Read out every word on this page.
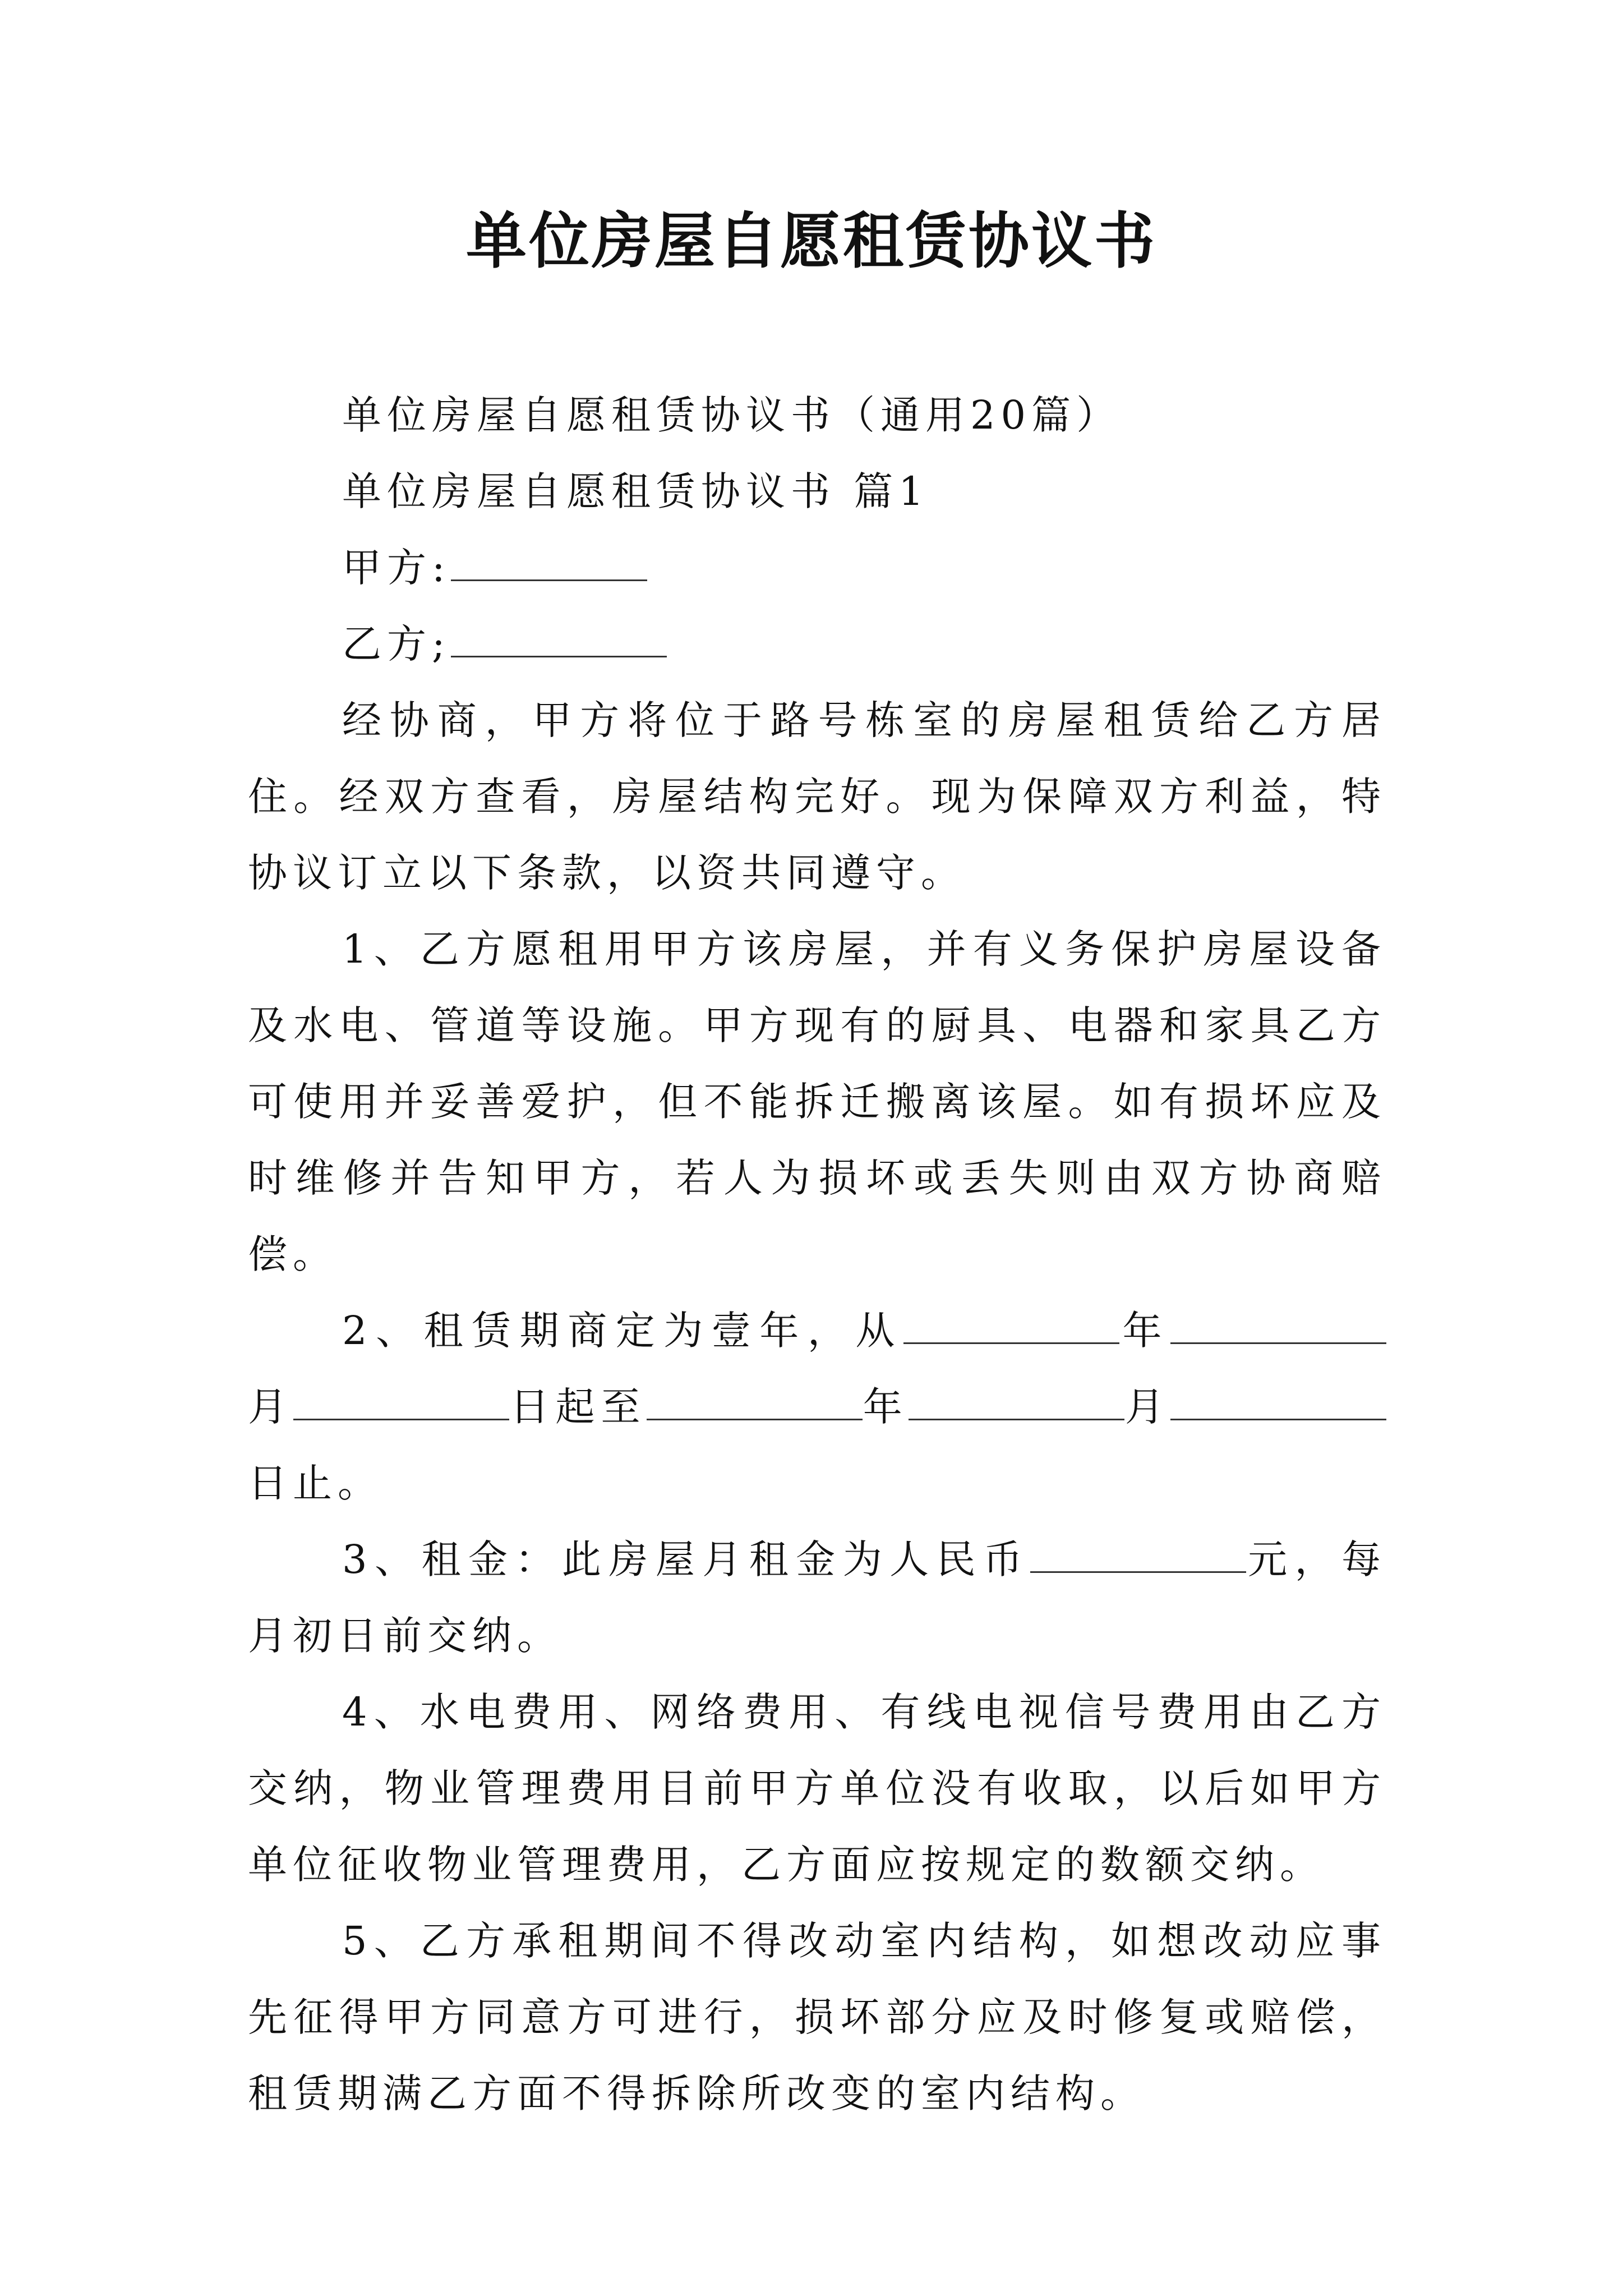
单位房屋自愿租赁协议书

单位房屋自愿租赁协议书（通用20篇）

单位房屋自愿租赁协议书 篇1

甲方:

乙方;

经协商，甲方将位于路号栋室的房屋租赁给乙方居住。经双方查看，房屋结构完好。现为保障双方利益，特协议订立以下条款，以资共同遵守。

1、乙方愿租用甲方该房屋，并有义务保护房屋设备及水电、管道等设施。甲方现有的厨具、电器和家具乙方可使用并妥善爱护，但不能拆迁搬离该屋。如有损坏应及时维修并告知甲方，若人为损坏或丢失则由双方协商赔偿。

2、租赁期商定为壹年，从	年月	日起至	年	月日止。

3、租金：此房屋月租金为人民币	元，每月初日前交纳。

4、水电费用、网络费用、有线电视信号费用由乙方交纳，物业管理费用目前甲方单位没有收取，以后如甲方单位征收物业管理费用，乙方面应按规定的数额交纳。

5、乙方承租期间不得改动室内结构，如想改动应事先征得甲方同意方可进行，损坏部分应及时修复或赔偿，租赁期满乙方面不得拆除所改变的室内结构。
